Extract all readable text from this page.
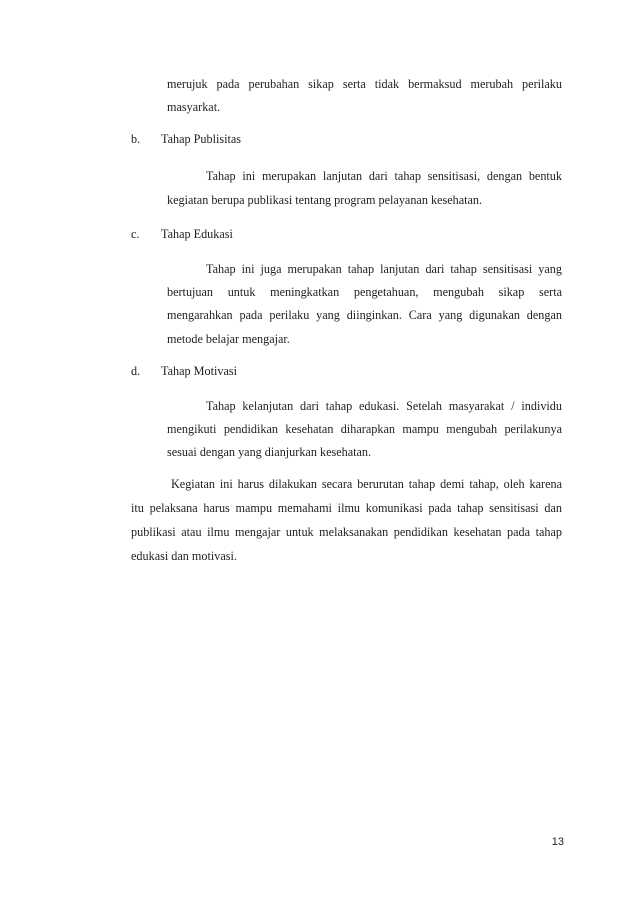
merujuk pada perubahan sikap serta tidak bermaksud merubah perilaku
masyarkat.
b. Tahap Publisitas
Tahap ini merupakan lanjutan dari tahap sensitisasi, dengan bentuk
kegiatan berupa publikasi tentang program pelayanan kesehatan.
c. Tahap Edukasi
Tahap ini juga merupakan tahap lanjutan dari tahap sensitisasi yang
bertujuan untuk meningkatkan pengetahuan, mengubah sikap serta
mengarahkan pada perilaku yang diinginkan. Cara yang digunakan dengan
metode belajar mengajar.
d. Tahap Motivasi
Tahap kelanjutan dari tahap edukasi. Setelah masyarakat / individu
mengikuti pendidikan kesehatan diharapkan mampu mengubah perilakunya
sesuai dengan yang dianjurkan kesehatan.
Kegiatan ini harus dilakukan secara berurutan tahap demi tahap, oleh karena
itu pelaksana harus mampu memahami ilmu komunikasi pada tahap sensitisasi dan
publikasi atau ilmu mengajar untuk melaksanakan pendidikan kesehatan pada tahap
edukasi dan motivasi.
13
